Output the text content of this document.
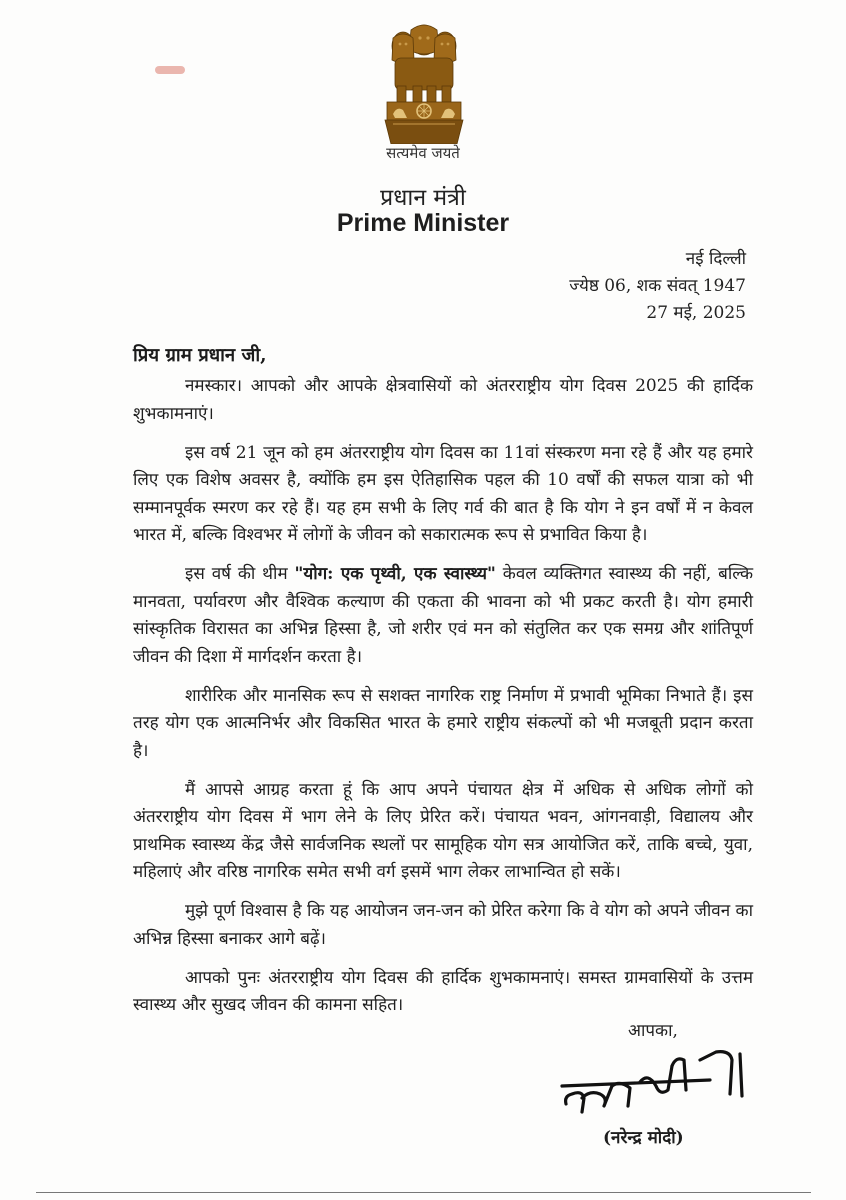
सत्यमेव जयते
प्रधान मंत्री
Prime Minister
नई दिल्ली
ज्येष्ठ 06, शक संवत् 1947
27 मई, 2025
प्रिय ग्राम प्रधान जी,

नमस्कार। आपको और आपके क्षेत्रवासियों को अंतरराष्ट्रीय योग दिवस 2025 की हार्दिक शुभकामनाएं।

इस वर्ष 21 जून को हम अंतरराष्ट्रीय योग दिवस का 11वां संस्करण मना रहे हैं और यह हमारे लिए एक विशेष अवसर है, क्योंकि हम इस ऐतिहासिक पहल की 10 वर्षों की सफल यात्रा को भी सम्मानपूर्वक स्मरण कर रहे हैं। यह हम सभी के लिए गर्व की बात है कि योग ने इन वर्षों में न केवल भारत में, बल्कि विश्वभर में लोगों के जीवन को सकारात्मक रूप से प्रभावित किया है।

इस वर्ष की थीम "योग: एक पृथ्वी, एक स्वास्थ्य" केवल व्यक्तिगत स्वास्थ्य की नहीं, बल्कि मानवता, पर्यावरण और वैश्विक कल्याण की एकता की भावना को भी प्रकट करती है। योग हमारी सांस्कृतिक विरासत का अभिन्न हिस्सा है, जो शरीर एवं मन को संतुलित कर एक समग्र और शांतिपूर्ण जीवन की दिशा में मार्गदर्शन करता है।

शारीरिक और मानसिक रूप से सशक्त नागरिक राष्ट्र निर्माण में प्रभावी भूमिका निभाते हैं। इस तरह योग एक आत्मनिर्भर और विकसित भारत के हमारे राष्ट्रीय संकल्पों को भी मजबूती प्रदान करता है।

मैं आपसे आग्रह करता हूं कि आप अपने पंचायत क्षेत्र में अधिक से अधिक लोगों को अंतरराष्ट्रीय योग दिवस में भाग लेने के लिए प्रेरित करें। पंचायत भवन, आंगनवाड़ी, विद्यालय और प्राथमिक स्वास्थ्य केंद्र जैसे सार्वजनिक स्थलों पर सामूहिक योग सत्र आयोजित करें, ताकि बच्चे, युवा, महिलाएं और वरिष्ठ नागरिक समेत सभी वर्ग इसमें भाग लेकर लाभान्वित हो सकें।

मुझे पूर्ण विश्वास है कि यह आयोजन जन-जन को प्रेरित करेगा कि वे योग को अपने जीवन का अभिन्न हिस्सा बनाकर आगे बढ़ें।

आपको पुनः अंतरराष्ट्रीय योग दिवस की हार्दिक शुभकामनाएं। समस्त ग्रामवासियों के उत्तम स्वास्थ्य और सुखद जीवन की कामना सहित।

आपका,
(नरेन्द्र मोदी)
